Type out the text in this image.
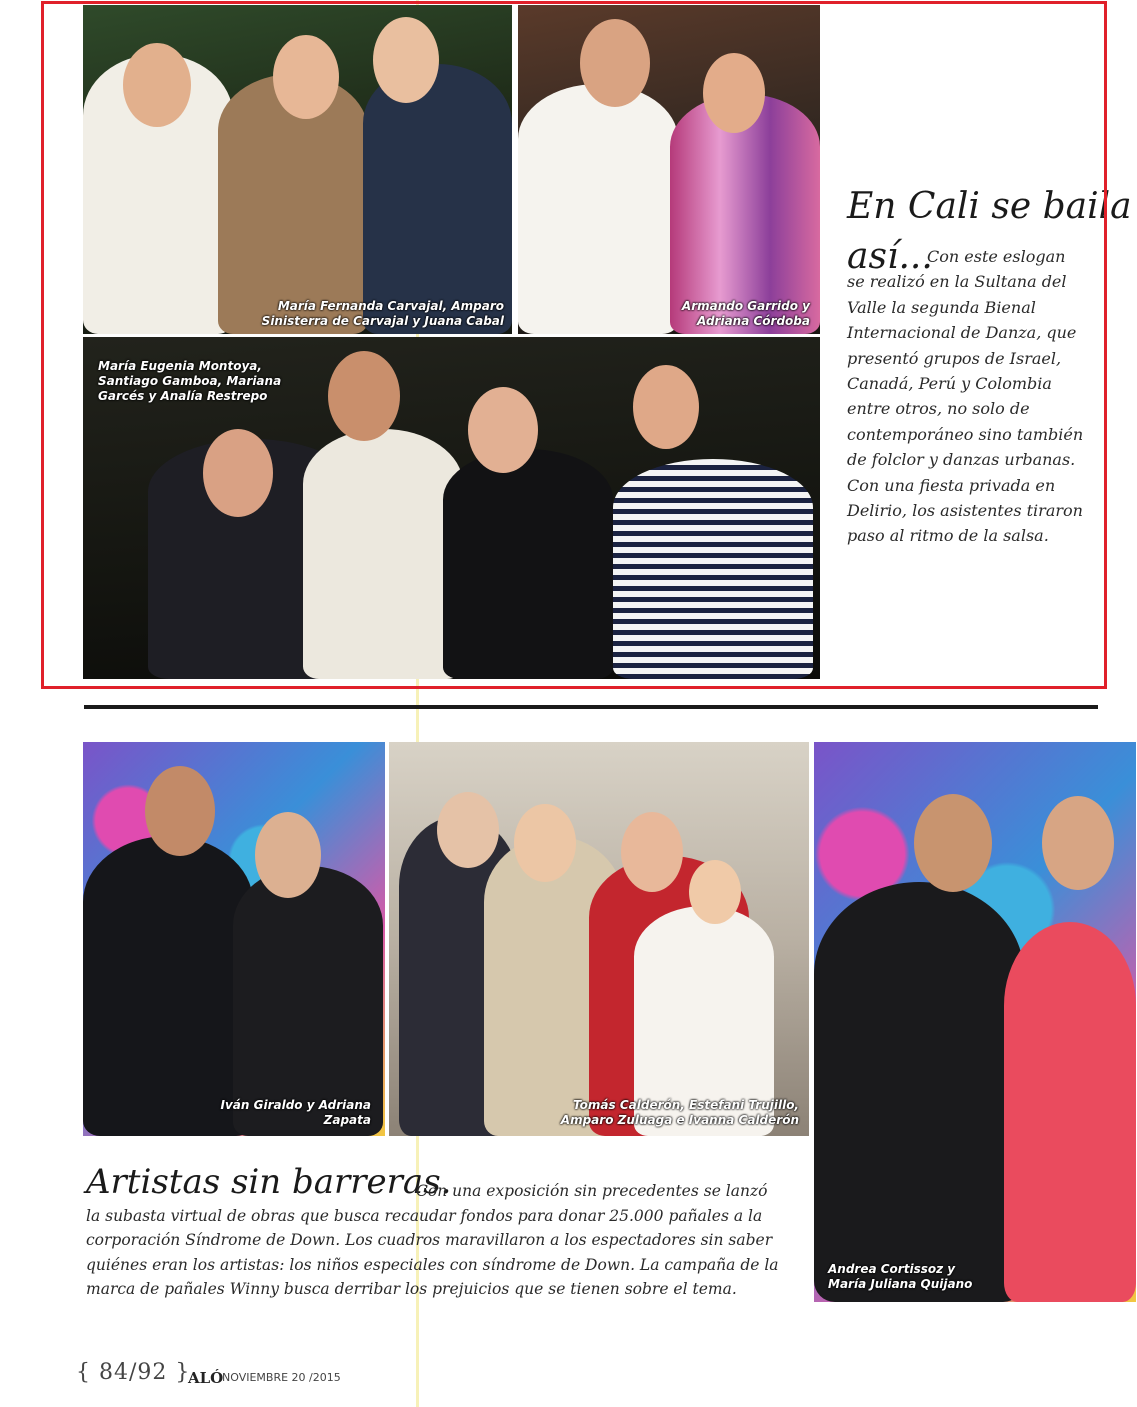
María Fernanda Carvajal, Amparo Sinisterra de Carvajal y Juana Cabal
Armando Garrido y Adriana Córdoba
María Eugenia Montoya, Santiago Gamboa, Mariana Garcés y Analía Restrepo
En Cali se baila
así...
Con este eslogan se realizó en la Sultana del Valle la segunda Bienal Internacional de Danza, que presentó grupos de Israel, Canadá, Perú y Colombia entre otros, no solo de contemporáneo sino también de folclor y danzas urbanas. Con una fiesta privada en Delirio, los asistentes tiraron paso al ritmo de la salsa.
Iván Giraldo y Adriana Zapata
Tomás Calderón, Estefani Trujillo, Amparo Zuluaga e Ivanna Calderón
Andrea Cortissoz y María Juliana Quijano
Artistas sin barreras.
Con una exposición sin precedentes se lanzó la subasta virtual de obras que busca recaudar fondos para donar 25.000 pañales a la corporación Síndrome de Down. Los cuadros maravillaron a los espectadores sin saber quiénes eran los artistas: los niños especiales con síndrome de Down. La campaña de la marca de pañales Winny busca derribar los prejuicios que se tienen sobre el tema.
{ 84/92 }
ALÓ
NOVIEMBRE 20 /2015
